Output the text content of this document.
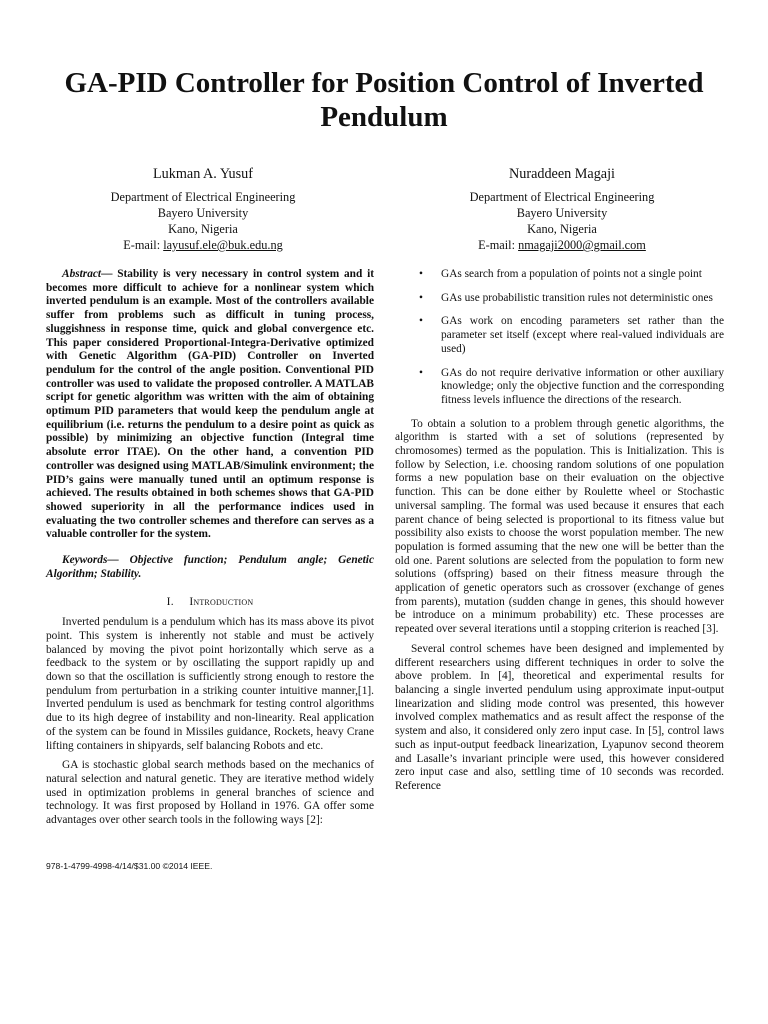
GA-PID Controller for Position Control of Inverted Pendulum
Lukman A. Yusuf
Department of Electrical Engineering
Bayero University
Kano, Nigeria
E-mail: layusuf.ele@buk.edu.ng
Nuraddeen Magaji
Department of Electrical Engineering
Bayero University
Kano, Nigeria
E-mail: nmagaji2000@gmail.com

Abstract— Stability is very necessary in control system and it becomes more difficult to achieve for a nonlinear system which inverted pendulum is an example. Most of the controllers available suffer from problems such as difficult in tuning process, sluggishness in response time, quick and global convergence etc. This paper considered Proportional-Integra-Derivative optimized with Genetic Algorithm (GA-PID) Controller on Inverted pendulum for the control of the angle position. Conventional PID controller was used to validate the proposed controller. A MATLAB script for genetic algorithm was written with the aim of obtaining optimum PID parameters that would keep the pendulum angle at equilibrium (i.e. returns the pendulum to a desire point as quick as possible) by minimizing an objective function (Integral time absolute error ITAE). On the other hand, a convention PID controller was designed using MATLAB/Simulink environment; the PID’s gains were manually tuned until an optimum response is achieved. The results obtained in both schemes shows that GA-PID showed superiority in all the performance indices used in evaluating the two controller schemes and therefore can serves as a valuable controller for the system.

Keywords— Objective function; Pendulum angle; Genetic Algorithm; Stability.

I. Introduction

Inverted pendulum is a pendulum which has its mass above its pivot point. This system is inherently not stable and must be actively balanced by moving the pivot point horizontally which serve as a feedback to the system or by oscillating the support rapidly up and down so that the oscillation is sufficiently strong enough to restore the pendulum from perturbation in a striking counter intuitive manner,[1]. Inverted pendulum is used as benchmark for testing control algorithms due to its high degree of instability and non-linearity. Real application of the system can be found in Missiles guidance, Rockets, heavy Crane lifting containers in shipyards, self balancing Robots and etc.

GA is stochastic global search methods based on the mechanics of natural selection and natural genetic. They are iterative method widely used in optimization problems in general branches of science and technology. It was first proposed by Holland in 1976. GA offer some advantages over other search tools in the following ways [2]:

• GAs search from a population of points not a single point
• GAs use probabilistic transition rules not deterministic ones
• GAs work on encoding parameters set rather than the parameter set itself (except where real-valued individuals are used)
• GAs do not require derivative information or other auxiliary knowledge; only the objective function and the corresponding fitness levels influence the directions of the research.

To obtain a solution to a problem through genetic algorithms, the algorithm is started with a set of solutions (represented by chromosomes) termed as the population. This is Initialization. This is follow by Selection, i.e. choosing random solutions of one population forms a new population base on their evaluation on the objective function. This can be done either by Roulette wheel or Stochastic universal sampling. The formal was used because it ensures that each parent chance of being selected is proportional to its fitness value but possibility also exists to choose the worst population member. The new population is formed assuming that the new one will be better than the old one. Parent solutions are selected from the population to form new solutions (offspring) based on their fitness measure through the application of genetic operators such as crossover (exchange of genes from parents), mutation (sudden change in genes, this should however be introduce on a minimum probability) etc. These processes are repeated over several iterations until a stopping criterion is reached [3].

Several control schemes have been designed and implemented by different researchers using different techniques in order to solve the above problem. In [4], theoretical and experimental results for balancing a single inverted pendulum using approximate input-output linearization and sliding mode control was presented, this however involved complex mathematics and as result affect the response of the system and also, it considered only zero input case. In [5], control laws such as input-output feedback linearization, Lyapunov second theorem and Lasalle’s invariant principle were used, this however considered zero input case and also, settling time of 10 seconds was recorded. Reference

978-1-4799-4998-4/14/$31.00 ©2014 IEEE.
